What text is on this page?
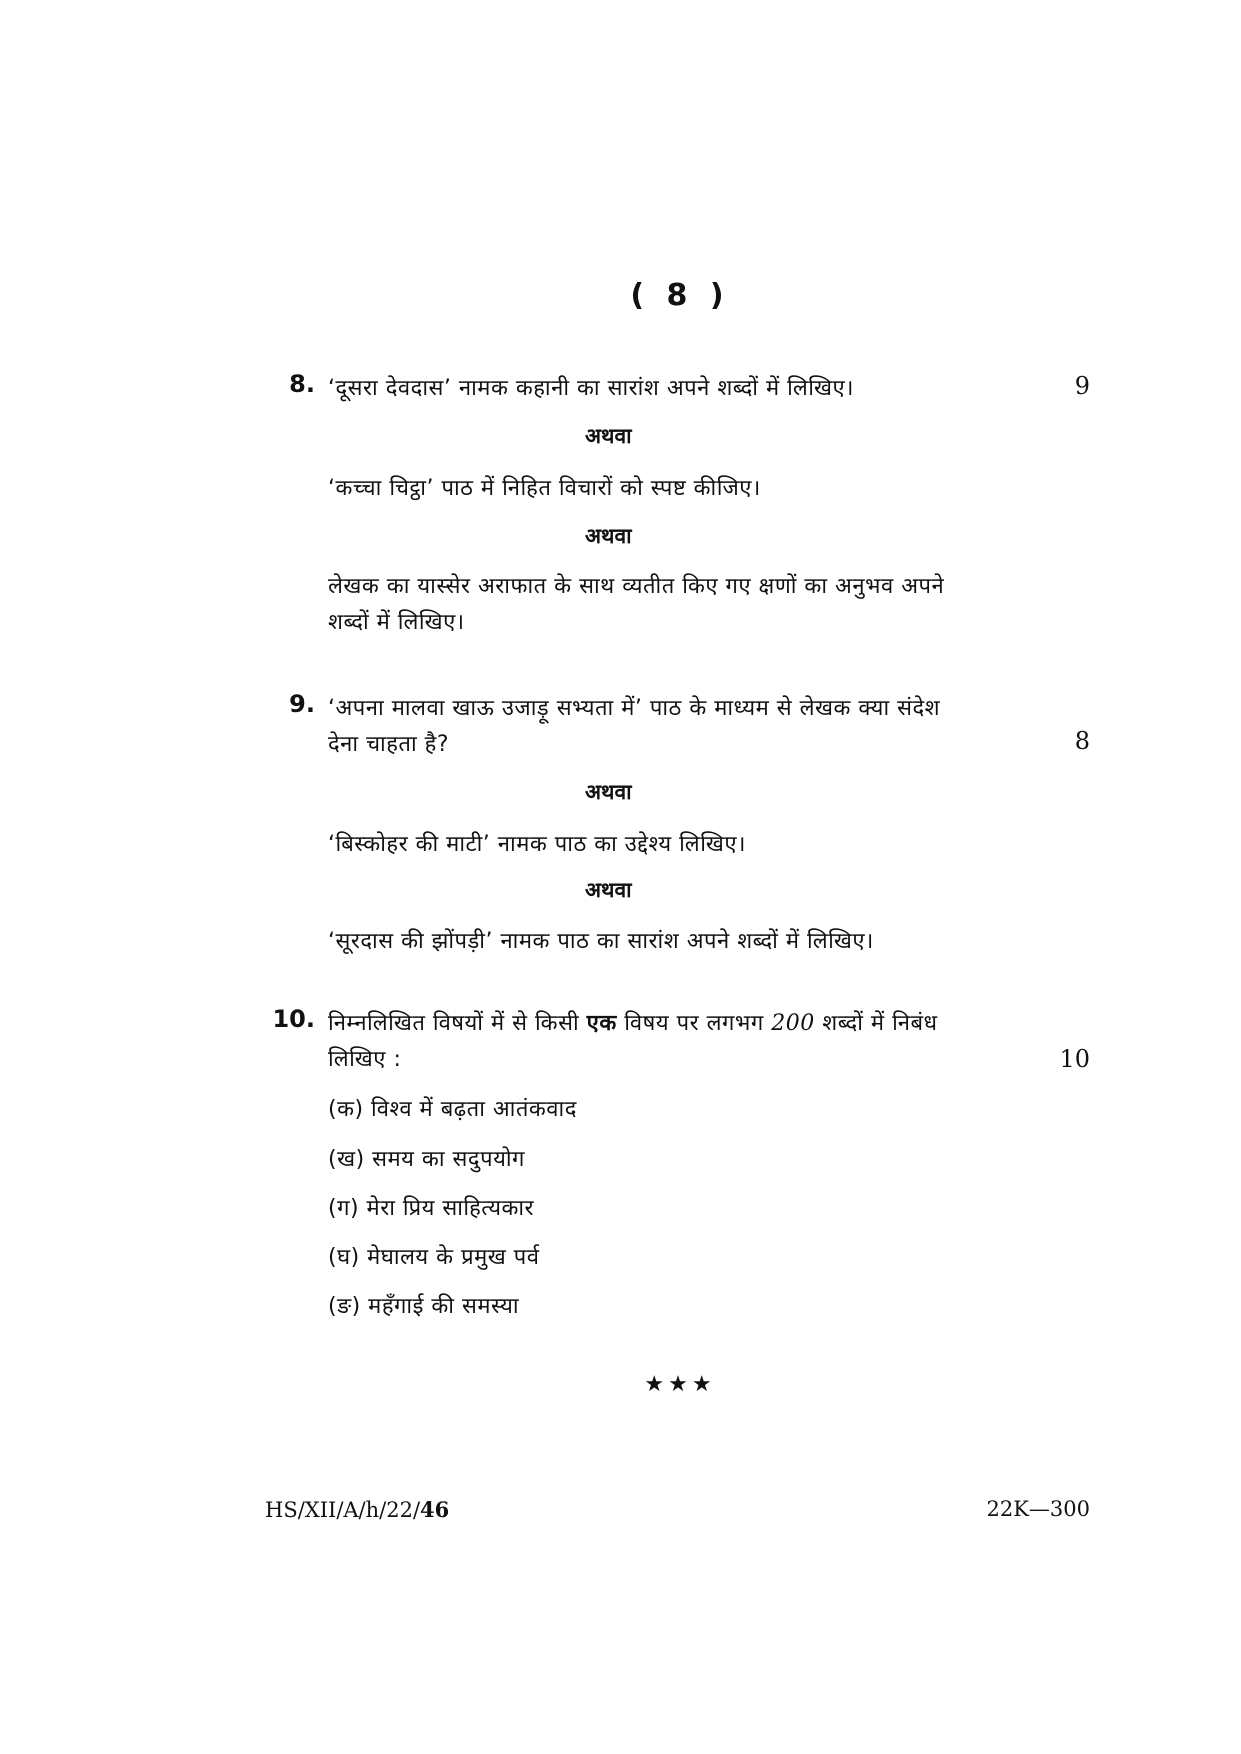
( 8 )
8. ‘दूसरा देवदास’ नामक कहानी का सारांश अपने शब्दों में लिखिए।	9
अथवा
‘कच्चा चिट्ठा’ पाठ में निहित विचारों को स्पष्ट कीजिए।
अथवा
लेखक का यास्सेर अराफात के साथ व्यतीत किए गए क्षणों का अनुभव अपने
शब्दों में लिखिए।
9. ‘अपना मालवा खाऊ उजाड़ू सभ्यता में’ पाठ के माध्यम से लेखक क्या संदेश
देना चाहता है?	8
अथवा
‘बिस्कोहर की माटी’ नामक पाठ का उद्देश्य लिखिए।
अथवा
‘सूरदास की झोंपड़ी’ नामक पाठ का सारांश अपने शब्दों में लिखिए।
10. निम्नलिखित विषयों में से किसी एक विषय पर लगभग 200 शब्दों में निबंध
लिखिए :	10
(क) विश्व में बढ़ता आतंकवाद
(ख) समय का सदुपयोग
(ग) मेरा प्रिय साहित्यकार
(घ) मेघालय के प्रमुख पर्व
(ङ) महँगाई की समस्या
★★★
HS/XII/A/h/22/46	22K—300
